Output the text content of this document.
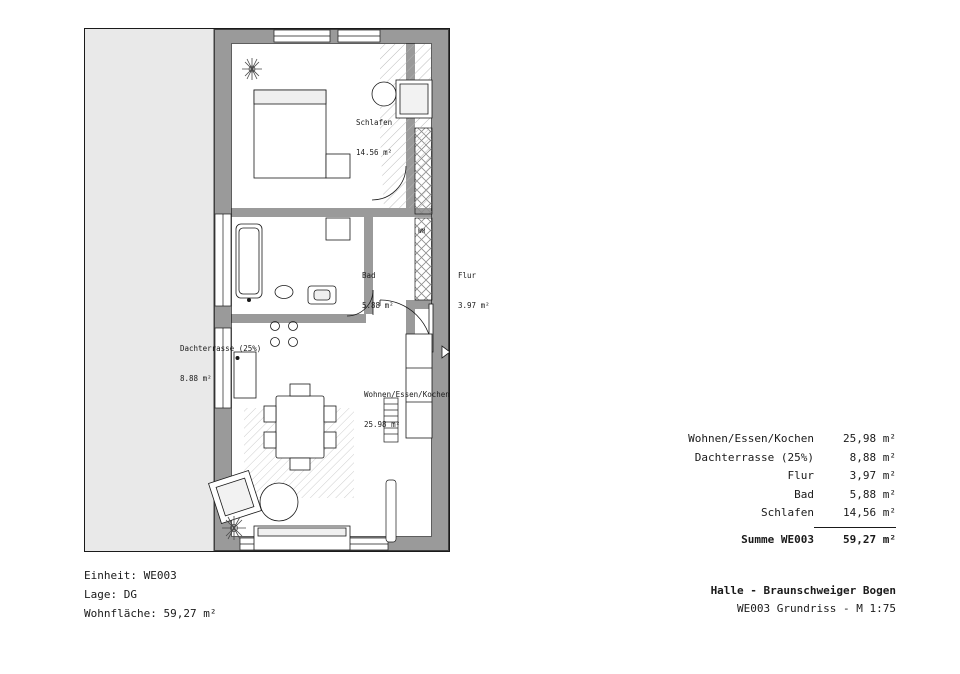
Dachterrasse (25%)

8.88 m²

Schlafen

14.56 m²

Bad

5.88 m²

Flur

3.97 m²

Wohnen/Essen/Kochen

25.98 m²

WM
Einheit: WE003
Lage: DG
Wohnfläche: 59,27 m²
Wohnen/Essen/Kochen	25,98 m²
Dachterrasse (25%)	8,88 m²
Flur	3,97 m²
Bad	5,88 m²
Schlafen	14,56 m²
Summe WE003	59,27 m²
Halle - Braunschweiger Bogen
WE003 Grundriss - M 1:75
